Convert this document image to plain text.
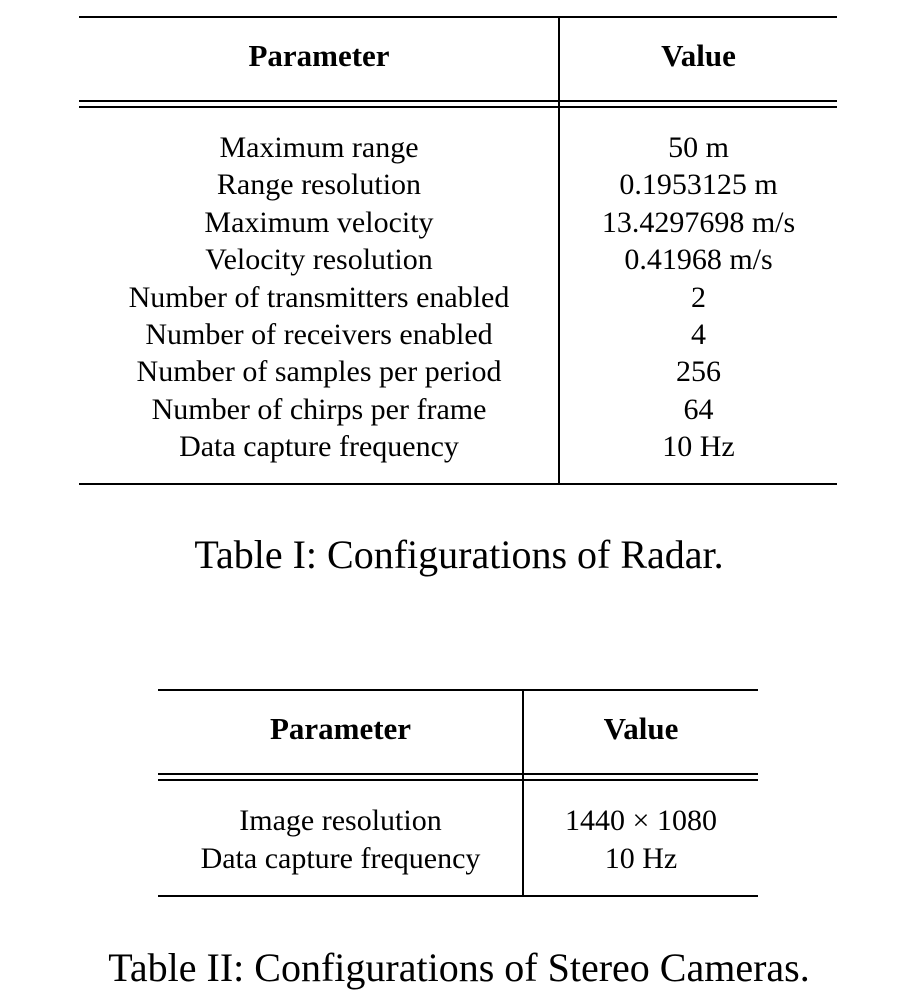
Parameter	Value
Maximum range	50 m
Range resolution	0.1953125 m
Maximum velocity	13.4297698 m/s
Velocity resolution	0.41968 m/s
Number of transmitters enabled	2
Number of receivers enabled	4
Number of samples per period	256
Number of chirps per frame	64
Data capture frequency	10 Hz
Table I: Configurations of Radar.
Parameter	Value
Image resolution	1440 × 1080
Data capture frequency	10 Hz
Table II: Configurations of Stereo Cameras.
